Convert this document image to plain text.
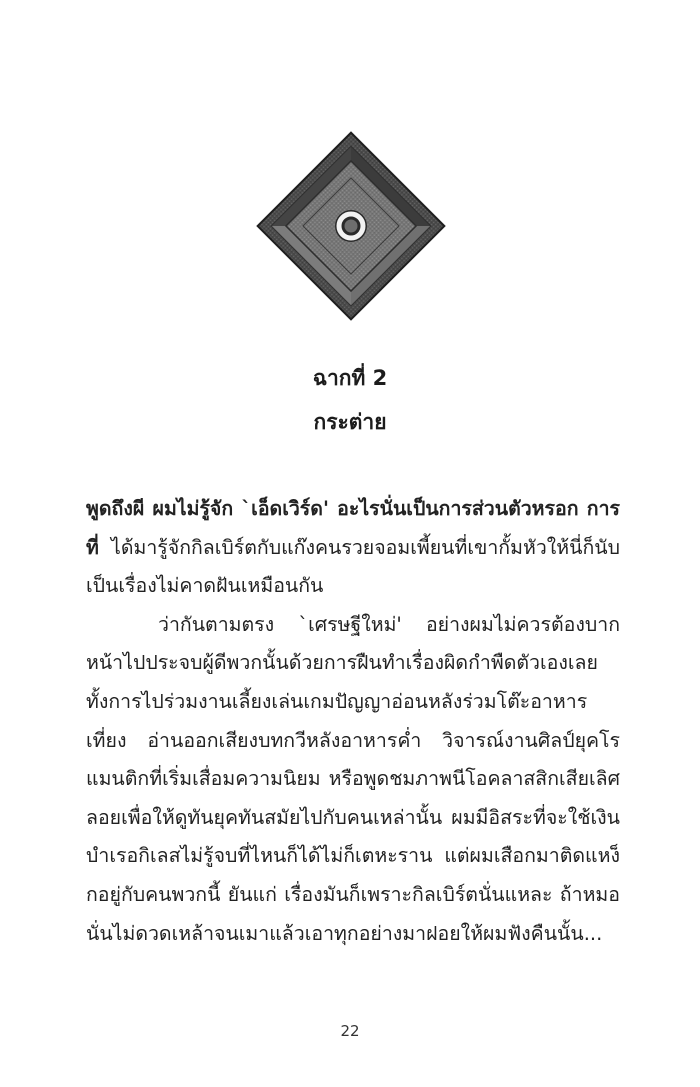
ฉากที่ 2
กระต่าย

พูดถึงผี ผมไม่รู้จัก `เอ็ดเวิร์ด' อะไรนั่นเป็นการส่วนตัวหรอก การที่ ได้มารู้จักกิลเบิร์ตกับแก๊งคนรวยจอมเพี้ยนที่เขากั้มหัวให้นี่ก็นับเป็นเรื่องไม่คาดฝันเหมือนกัน

ว่ากันตามตรง `เศรษฐีใหม่' อย่างผมไม่ควรต้องบากหน้าไปประจบผู้ดีพวกนั้นด้วยการฝืนทำเรื่องผิดกำพืดตัวเองเลย ทั้งการไปร่วมงานเลี้ยงเล่นเกมปัญญาอ่อนหลังร่วมโต๊ะอาหารเที่ยง อ่านออกเสียงบทกวีหลังอาหารค่ำ วิจารณ์งานศิลป์ยุคโรแมนติกที่เริ่มเสื่อมความนิยม หรือพูดชมภาพนีโอคลาสสิกเสียเลิศลอยเพื่อให้ดูทันยุคทันสมัยไปกับคนเหล่านั้น ผมมีอิสระที่จะใช้เงินบำเรอกิเลสไม่รู้จบที่ไหนก็ได้ไม่ก็เตหะราน แต่ผมเสือกมาติดแหง็กอยู่กับคนพวกนี้ ยันแก่ เรื่องมันก็เพราะกิลเบิร์ตนั่นแหละ ถ้าหมอนั่นไม่ดวดเหล้าจนเมาแล้วเอาทุกอย่างมาฝอยให้ผมฟังคืนนั้น...

22
